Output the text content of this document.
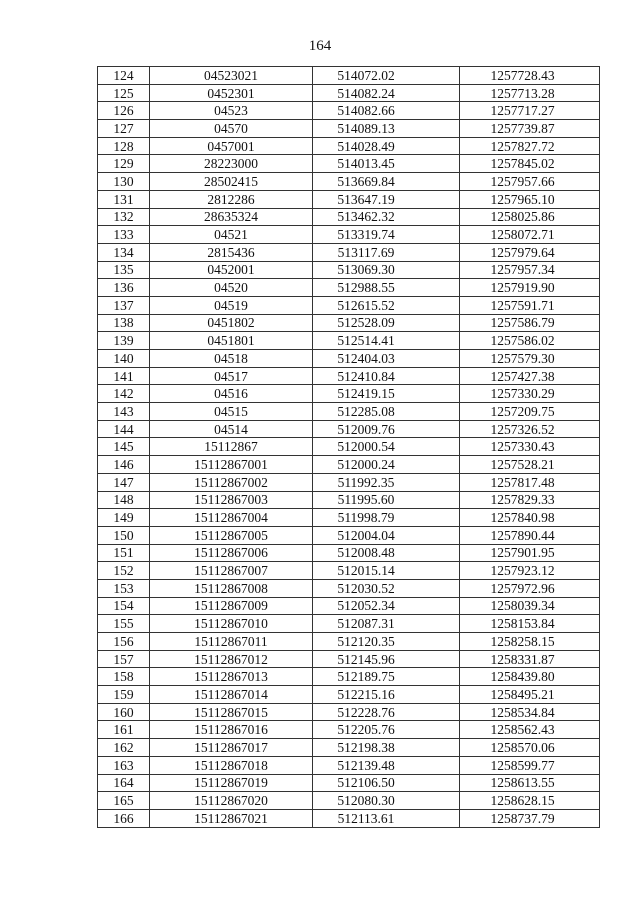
164
124	04523021	514072.02	1257728.43
125	0452301	514082.24	1257713.28
126	04523	514082.66	1257717.27
127	04570	514089.13	1257739.87
128	0457001	514028.49	1257827.72
129	28223000	514013.45	1257845.02
130	28502415	513669.84	1257957.66
131	2812286	513647.19	1257965.10
132	28635324	513462.32	1258025.86
133	04521	513319.74	1258072.71
134	2815436	513117.69	1257979.64
135	0452001	513069.30	1257957.34
136	04520	512988.55	1257919.90
137	04519	512615.52	1257591.71
138	0451802	512528.09	1257586.79
139	0451801	512514.41	1257586.02
140	04518	512404.03	1257579.30
141	04517	512410.84	1257427.38
142	04516	512419.15	1257330.29
143	04515	512285.08	1257209.75
144	04514	512009.76	1257326.52
145	15112867	512000.54	1257330.43
146	15112867001	512000.24	1257528.21
147	15112867002	511992.35	1257817.48
148	15112867003	511995.60	1257829.33
149	15112867004	511998.79	1257840.98
150	15112867005	512004.04	1257890.44
151	15112867006	512008.48	1257901.95
152	15112867007	512015.14	1257923.12
153	15112867008	512030.52	1257972.96
154	15112867009	512052.34	1258039.34
155	15112867010	512087.31	1258153.84
156	15112867011	512120.35	1258258.15
157	15112867012	512145.96	1258331.87
158	15112867013	512189.75	1258439.80
159	15112867014	512215.16	1258495.21
160	15112867015	512228.76	1258534.84
161	15112867016	512205.76	1258562.43
162	15112867017	512198.38	1258570.06
163	15112867018	512139.48	1258599.77
164	15112867019	512106.50	1258613.55
165	15112867020	512080.30	1258628.15
166	15112867021	512113.61	1258737.79
